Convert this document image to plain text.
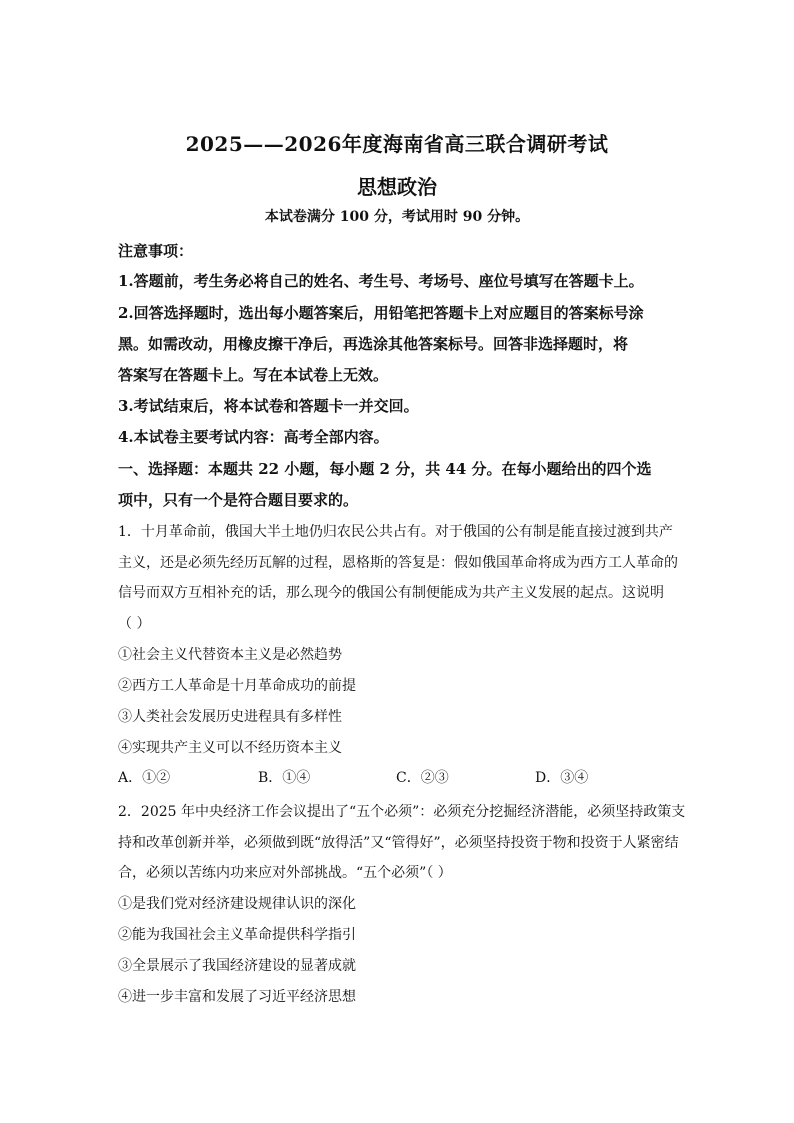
2025——2026年度海南省高三联合调研考试
思想政治
本试卷满分 100 分，考试用时 90 分钟。
注意事项：
1.答题前，考生务必将自己的姓名、考生号、考场号、座位号填写在答题卡上。
2.回答选择题时，选出每小题答案后，用铅笔把答题卡上对应题目的答案标号涂
黑。如需改动，用橡皮擦干净后，再选涂其他答案标号。回答非选择题时，将
答案写在答题卡上。写在本试卷上无效。
3.考试结束后，将本试卷和答题卡一并交回。
4.本试卷主要考试内容：高考全部内容。
一、选择题：本题共 22 小题，每小题 2 分，共 44 分。在每小题给出的四个选
项中，只有一个是符合题目要求的。
1．十月革命前，俄国大半土地仍归农民公共占有。对于俄国的公有制是能直接过渡到共产
主义，还是必须先经历瓦解的过程，恩格斯的答复是：假如俄国革命将成为西方工人革命的
信号而双方互相补充的话，那么现今的俄国公有制便能成为共产主义发展的起点。这说明
（ ）
①社会主义代替资本主义是必然趋势
②西方工人革命是十月革命成功的前提
③人类社会发展历史进程具有多样性
④实现共产主义可以不经历资本主义
A．①②	B．①④	C．②③	D．③④
2．2025 年中央经济工作会议提出了“五个必须”：必须充分挖掘经济潜能，必须坚持政策支
持和改革创新并举，必须做到既“放得活”又“管得好”，必须坚持投资于物和投资于人紧密结
合，必须以苦练内功来应对外部挑战。“五个必须”（ ）
①是我们党对经济建设规律认识的深化
②能为我国社会主义革命提供科学指引
③全景展示了我国经济建设的显著成就
④进一步丰富和发展了习近平经济思想
